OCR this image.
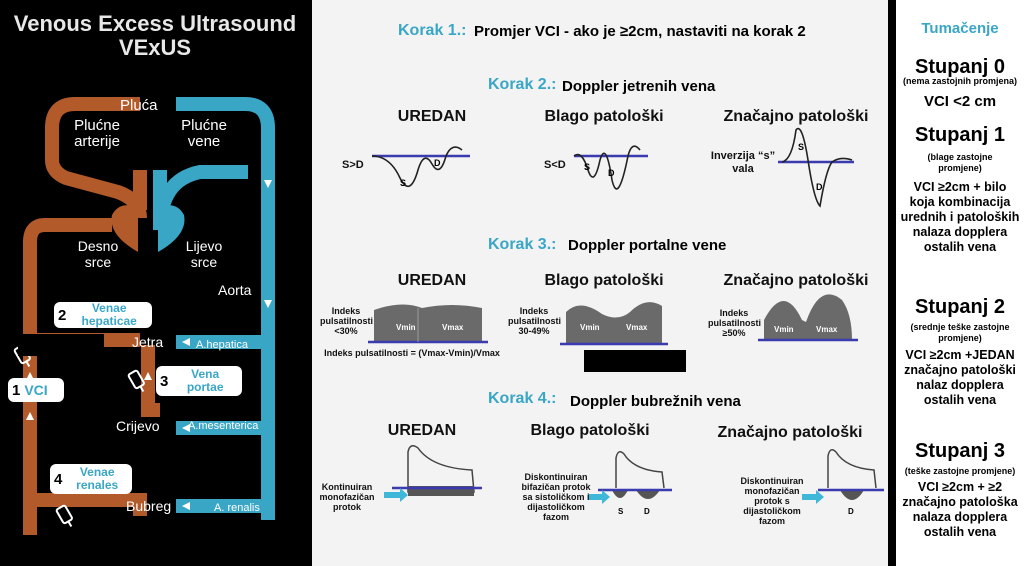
Venous Excess Ultrasound
VExUS
Pluća
Plućne arterije
Plućne vene
Desno srce
Lijevo srce
Aorta
Jetra	A.hepatica
Crijevo	A.mesenterica
Bubreg	A. renalis
2	Venae hepaticae
1 VCI	3	Vena portae
4	Venae renales
Korak 1.: Promjer VCI - ako je ≥2cm, nastaviti na korak 2
Korak 2.: Doppler jetrenih vena
UREDAN	Blago patološki	Značajno patološki
S
D	S
D
S
D
Vmin	Vmax	Vmin	Vmax	Vmin	Vmax
S	D	D
S>D	S<D
Inverzija “s” vala
Korak 3.: Doppler portalne vene
UREDAN	Blago patološki	Značajno patološki
Indeks pulsatilnosti <30%
Indeks pulsatilnosti 30-49%
Indeks pulsatilnosti ≥50%
Indeks pulsatilnosti = (Vmax-Vmin)/Vmax
Korak 4.: Doppler bubrežnih vena
UREDAN	Blago patološki	Značajno patološki
Kontinuiran monofazičan protok
Diskontinuiran bifazičan protok sa sistoličkom i dijastoličkom fazom
Diskontinuiran monofazičan protok s dijastoličkom fazom
Tumačenje
Stupanj 0
(nema zastojnih promjena)
VCI <2 cm
Stupanj 1
(blage zastojne promjene)
VCI ≥2cm + bilo koja kombinacija urednih i patoloških nalaza dopplera ostalih vena
Stupanj 2
(srednje teške zastojne promjene)
VCI ≥2cm +JEDAN značajno patološki nalaz dopplera ostalih vena
Stupanj 3
(teške zastojne promjene)
VCI ≥2cm + ≥2 značajno patološka nalaza dopplera ostalih vena
